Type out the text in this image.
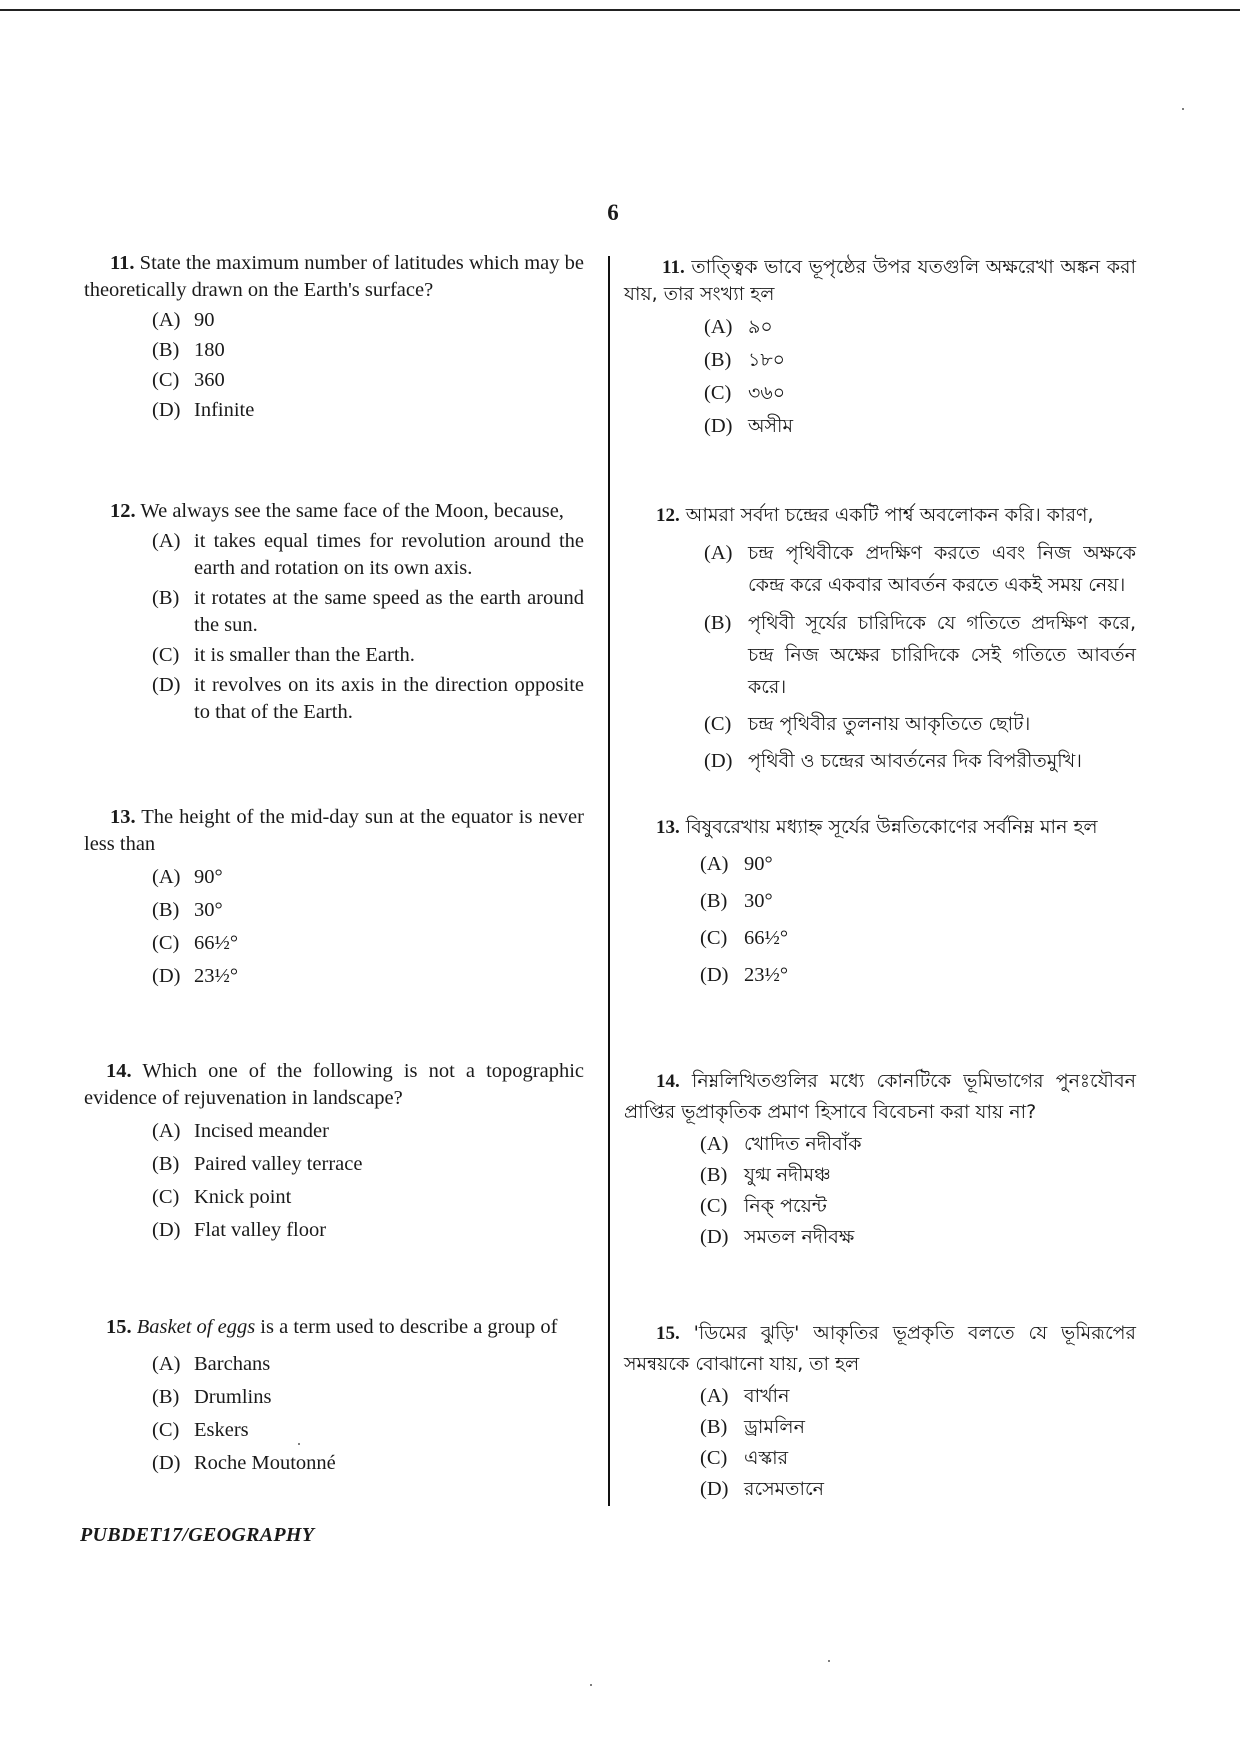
6
11. State the maximum number of latitudes which may be theoretically drawn on the Earth's surface?
(A) 90
(B) 180
(C) 360
(D) Infinite
12. We always see the same face of the Moon, because,
(A) it takes equal times for revolution around the earth and rotation on its own axis.
(B) it rotates at the same speed as the earth around the sun.
(C) it is smaller than the Earth.
(D) it revolves on its axis in the direction opposite to that of the Earth.
13. The height of the mid-day sun at the equator is never less than
(A) 90°
(B) 30°
(C) 66½°
(D) 23½°
14. Which one of the following is not a topographic evidence of rejuvenation in landscape?
(A) Incised meander
(B) Paired valley terrace
(C) Knick point
(D) Flat valley floor
15. Basket of eggs is a term used to describe a group of
(A) Barchans
(B) Drumlins
(C) Eskers
(D) Roche Moutonné
11. তাত্ত্বিক ভাবে ভূপৃষ্ঠের উপর যতগুলি অক্ষরেখা অঙ্কন করা যায়, তার সংখ্যা হল
(A) ৯০
(B) ১৮০
(C) ৩৬০
(D) অসীম
12. আমরা সর্বদা চন্দ্রের একটি পার্শ্ব অবলোকন করি। কারণ,
(A) চন্দ্র পৃথিবীকে প্রদক্ষিণ করতে এবং নিজ অক্ষকে কেন্দ্র করে একবার আবর্তন করতে একই সময় নেয়।
(B) পৃথিবী সূর্যের চারিদিকে যে গতিতে প্রদক্ষিণ করে, চন্দ্র নিজ অক্ষের চারিদিকে সেই গতিতে আবর্তন করে।
(C) চন্দ্র পৃথিবীর তুলনায় আকৃতিতে ছোট।
(D) পৃথিবী ও চন্দ্রের আবর্তনের দিক বিপরীতমুখি।
13. বিষুবরেখায় মধ্যাহ্ন সূর্যের উন্নতিকোণের সর্বনিম্ন মান হল
(A) 90°
(B) 30°
(C) 66½°
(D) 23½°
14. নিম্নলিখিতগুলির মধ্যে কোনটিকে ভূমিভাগের পুনঃযৌবন প্রাপ্তির ভূপ্রাকৃতিক প্রমাণ হিসাবে বিবেচনা করা যায় না?
(A) খোদিত নদীবাঁক
(B) যুগ্ম নদীমঞ্চ
(C) নিক্ পয়েন্ট
(D) সমতল নদীবক্ষ
15. 'ডিমের ঝুড়ি' আকৃতির ভূপ্রকৃতি বলতে যে ভূমিরূপের সমন্বয়কে বোঝানো যায়, তা হল
(A) বার্খান
(B) ড্রামলিন
(C) এস্কার
(D) রসেমতানে
PUBDET17/GEOGRAPHY
